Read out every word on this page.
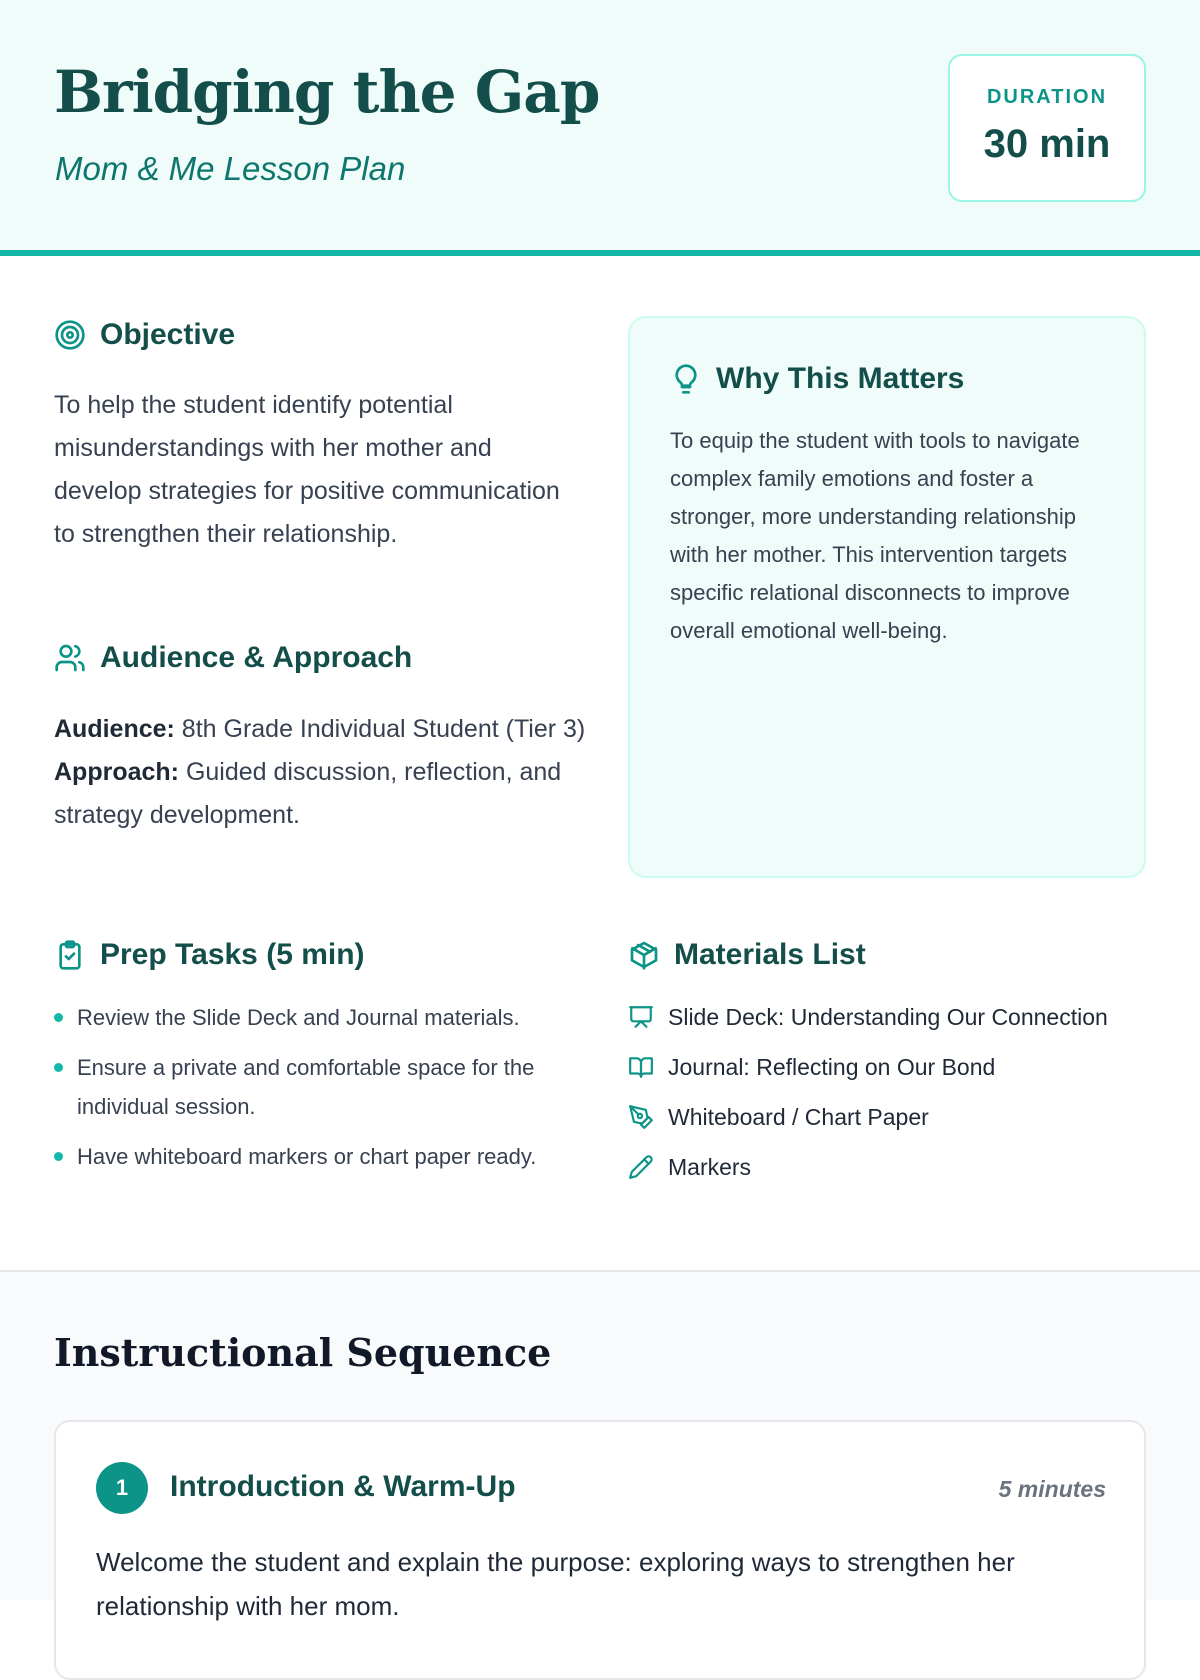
Bridging the Gap
Mom & Me Lesson Plan
DURATION
30 min
Objective

To help the student identify potential misunderstandings with her mother and develop strategies for positive communication to strengthen their relationship.

Audience & Approach
Audience: 8th Grade Individual Student (Tier 3)
Approach: Guided discussion, reflection, and strategy development.
Why This Matters

To equip the student with tools to navigate complex family emotions and foster a stronger, more understanding relationship with her mother. This intervention targets specific relational disconnects to improve overall emotional well-being.

Prep Tasks (5 min)
Review the Slide Deck and Journal materials.
Ensure a private and comfortable space for the individual session.
Have whiteboard markers or chart paper ready.
Materials List
Slide Deck: Understanding Our Connection
Journal: Reflecting on Our Bond
Whiteboard / Chart Paper
Markers
Instructional Sequence
1	Introduction & Warm-Up	5 minutes

Welcome the student and explain the purpose: exploring ways to strengthen her relationship with her mom.
